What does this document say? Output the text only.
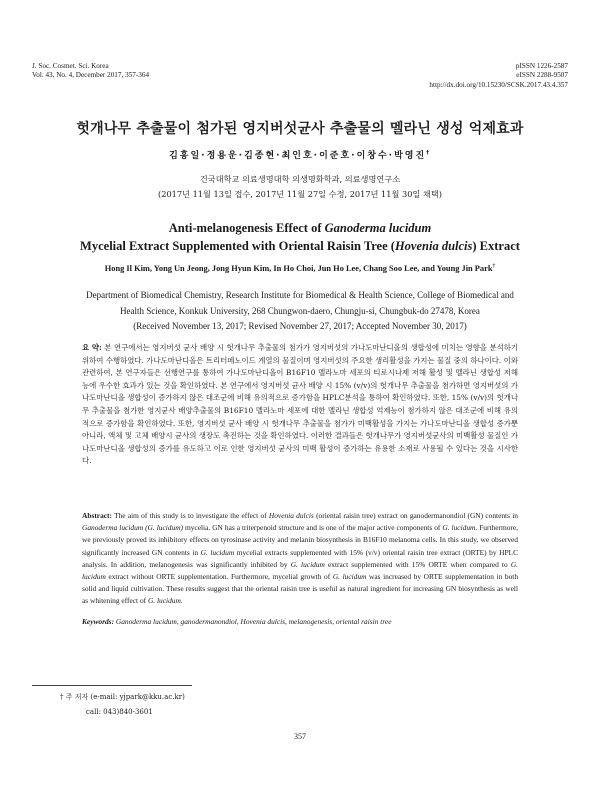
J. Soc. Cosmet. Sci. Korea
Vol. 43, No. 4, December 2017, 357-364
pISSN 1226-2587
eISSN 2288-9507
http://dx.doi.org/10.15230/SCSK.2017.43.4.357
헛개나무 추출물이 첨가된 영지버섯균사 추출물의 멜라닌 생성 억제효과
김홍일·정용운·김종현·최인호·이준호·이창수·박영진†
건국대학교 의료생명대학 의생명화학과, 의료생명연구소
(2017년 11월 13일 접수, 2017년 11월 27일 수정, 2017년 11월 30일 채택)
Anti-melanogenesis Effect of Ganoderma lucidum
Mycelial Extract Supplemented with Oriental Raisin Tree (Hovenia dulcis) Extract
Hong Il Kim, Yong Un Jeong, Jong Hyun Kim, In Ho Choi, Jun Ho Lee, Chang Soo Lee, and Young Jin Park†
Department of Biomedical Chemistry, Research Institute for Biomedical & Health Science, College of Biomedical and
Health Science, Konkuk University, 268 Chungwon-daero, Chungju-si, Chungbuk-do 27478, Korea
(Received November 13, 2017; Revised November 27, 2017; Accepted November 30, 2017)
요 약: 본 연구에서는 영지버섯 균사 배양 시 헛개나무 추출물의 첨가가 영지버섯의 가나도마난디올의 생합성에 미치는 영향을 분석하기 위하여 수행하였다. 가나도마난디올은 트리터페노이드 계열의 물질이며 영지버섯의 주요한 생리활성을 가지는 물질 중의 하나이다. 이와 관련하여, 본 연구자들은 선행연구를 통하여 가나도마난디올이 B16F10 멜라노마 세포의 티로시나제 저해 활성 및 멜라닌 생합성 저해능에 우수한 효과가 있는 것을 확인하였다. 본 연구에서 영지버섯 균사 배양 시 15% (v/v)의 헛개나무 추출물을 첨가하면 영지버섯의 가나도마난디올 생합성이 증가하지 않은 대조군에 비해 유의적으로 증가함을 HPLC분석을 통하여 확인하였다. 또한, 15% (v/v)의 헛개나무 추출물을 첨가한 영지균사 배양추출물의 B16F10 멜라노마 세포에 대한 멜라닌 생합성 억제능이 첨가하지 않은 대조군에 비해 유의적으로 증가함을 확인하였다. 또한, 영지버섯 균사 배양 시 헛개나무 추출물을 첨가가 미백활성을 가지는 가나도마난디올 생합성 증가뿐 아니라, 액체 및 고체 배양시 균사의 생장도 촉진하는 것을 확인하였다. 이러한 결과들은 헛개나무가 영지버섯균사의 미백활성 물질인 가나도마난디올 생합성의 증가를 유도하고 이로 인한 영지버섯 균사의 미백 활성이 증가하는 유용한 소재로 사용될 수 있다는 것을 시사한다.
Abstract: The aim of this study is to investigate the effect of Hovenia dulcis (oriental raisin tree) extract on ganodermanondiol (GN) contents in Ganoderma lucidum (G. lucidum) mycelia. GN has a triterpenoid structure and is one of the major active components of G. lucidum. Furthermore, we previously proved its inhibitory effects on tyrosinase activity and melanin biosynthesis in B16F10 melanoma cells. In this study, we observed significantly increased GN contents in G. lucidum mycelial extracts supplemented with 15% (v/v) oriental raisin tree extract (ORTE) by HPLC analysis. In addition, melanogenesis was significantly inhibited by G. lucidum extract supplemented with 15% ORTE when compared to G. lucidum extract without ORTE supplementation. Furthermore, mycelial growth of G. lucidum was increased by ORTE supplementation in both solid and liquid cultivation. These results suggest that the oriental raisin tree is useful as natural ingredient for increasing GN biosynthesis as well as whitening effect of G. lucidum.
Keywords: Ganoderma lucidum, ganodermanondiol, Hovenia dulcis, melanogenesis, oriental raisin tree
† 주 저자 (e-mail: yjpark@kku.ac.kr)
call: 043)840-3601
357
